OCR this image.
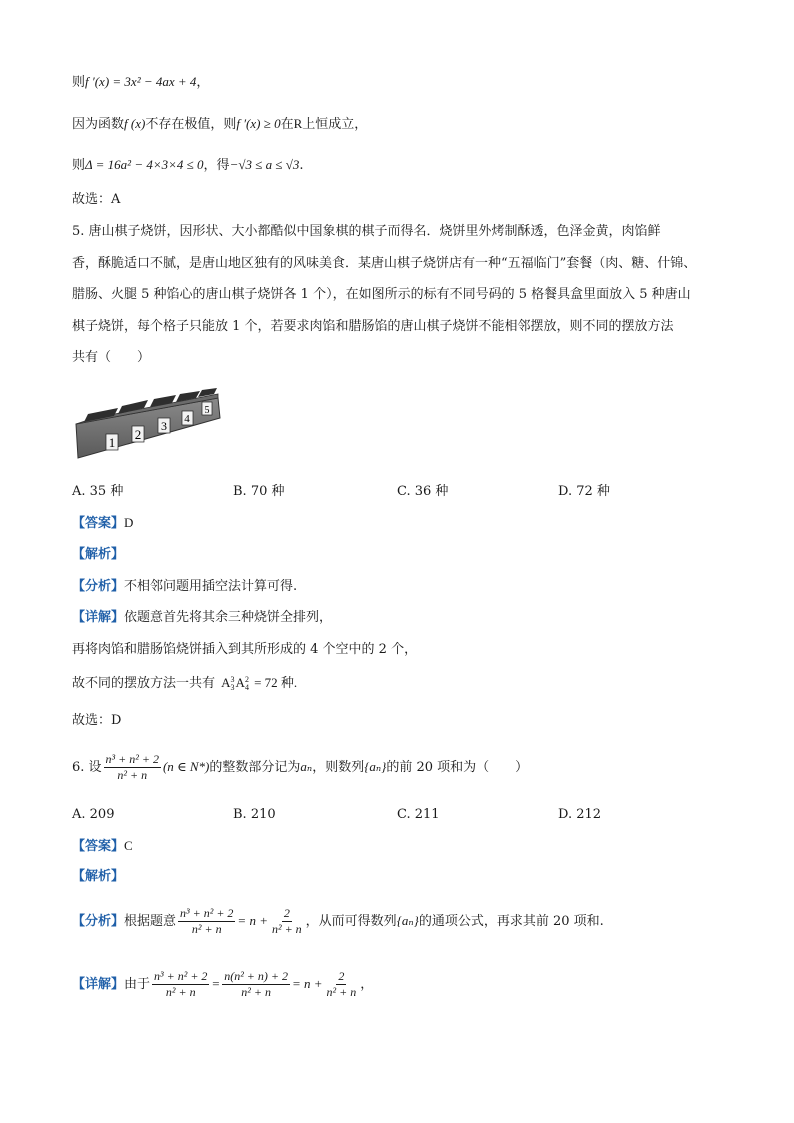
则f ′(x) = 3x² − 4ax + 4，
因为函数f (x)不存在极值，则f ′(x) ≥ 0在R上恒成立，
则Δ = 16a² − 4×3×4 ≤ 0，得−√3 ≤ a ≤ √3.
故选：A
5. 唐山棋子烧饼，因形状、大小都酷似中国象棋的棋子而得名．烧饼里外烤制酥透，色泽金黄，肉馅鲜
香，酥脆适口不腻，是唐山地区独有的风味美食．某唐山棋子烧饼店有一种“五福临门”套餐（肉、糖、什锦、
腊肠、火腿 5 种馅心的唐山棋子烧饼各 1 个），在如图所示的标有不同号码的 5 格餐具盒里面放入 5 种唐山
棋子烧饼，每个格子只能放 1 个，若要求肉馅和腊肠馅的唐山棋子烧饼不能相邻摆放，则不同的摆放方法
共有（　　）
1
2
3 4
5
A. 35 种	B. 70 种	C. 36 种	D. 72 种
【答案】D
【解析】
【分析】不相邻问题用插空法计算可得.
【详解】依题意首先将其余三种烧饼全排列，
再将肉馅和腊肠馅烧饼插入到其所形成的 4 个空中的 2 个，
故不同的摆放方法一共有 A 3
3 A 2
4 = 72 种.
故选：D
6. 设 $\frac{\text{n³ + n² + 2}}{\text{n² + n}} (n$ ∈ N*)的整数部分记为aₙ，则数列{aₙ}的前 20 项和为（　　）
A. 209	B. 210	C. 211	D. 212
【答案】C
【解析】
【分析】根据题意 $\frac{\text{n³ + n² + 2}}{\text{n² + n}} = n + \frac{2}{\text{n² + n}}$ ，从而可得数列{aₙ}的通项公式，再求其前 20 项和.
【详解】由于 $\frac{\text{n³ + n² + 2}}{\text{n² + n}} = \frac{\text{n(n² + n) + 2}}{\text{n² + n}} = n + \frac{2}{\text{n² + n}}$ ，
